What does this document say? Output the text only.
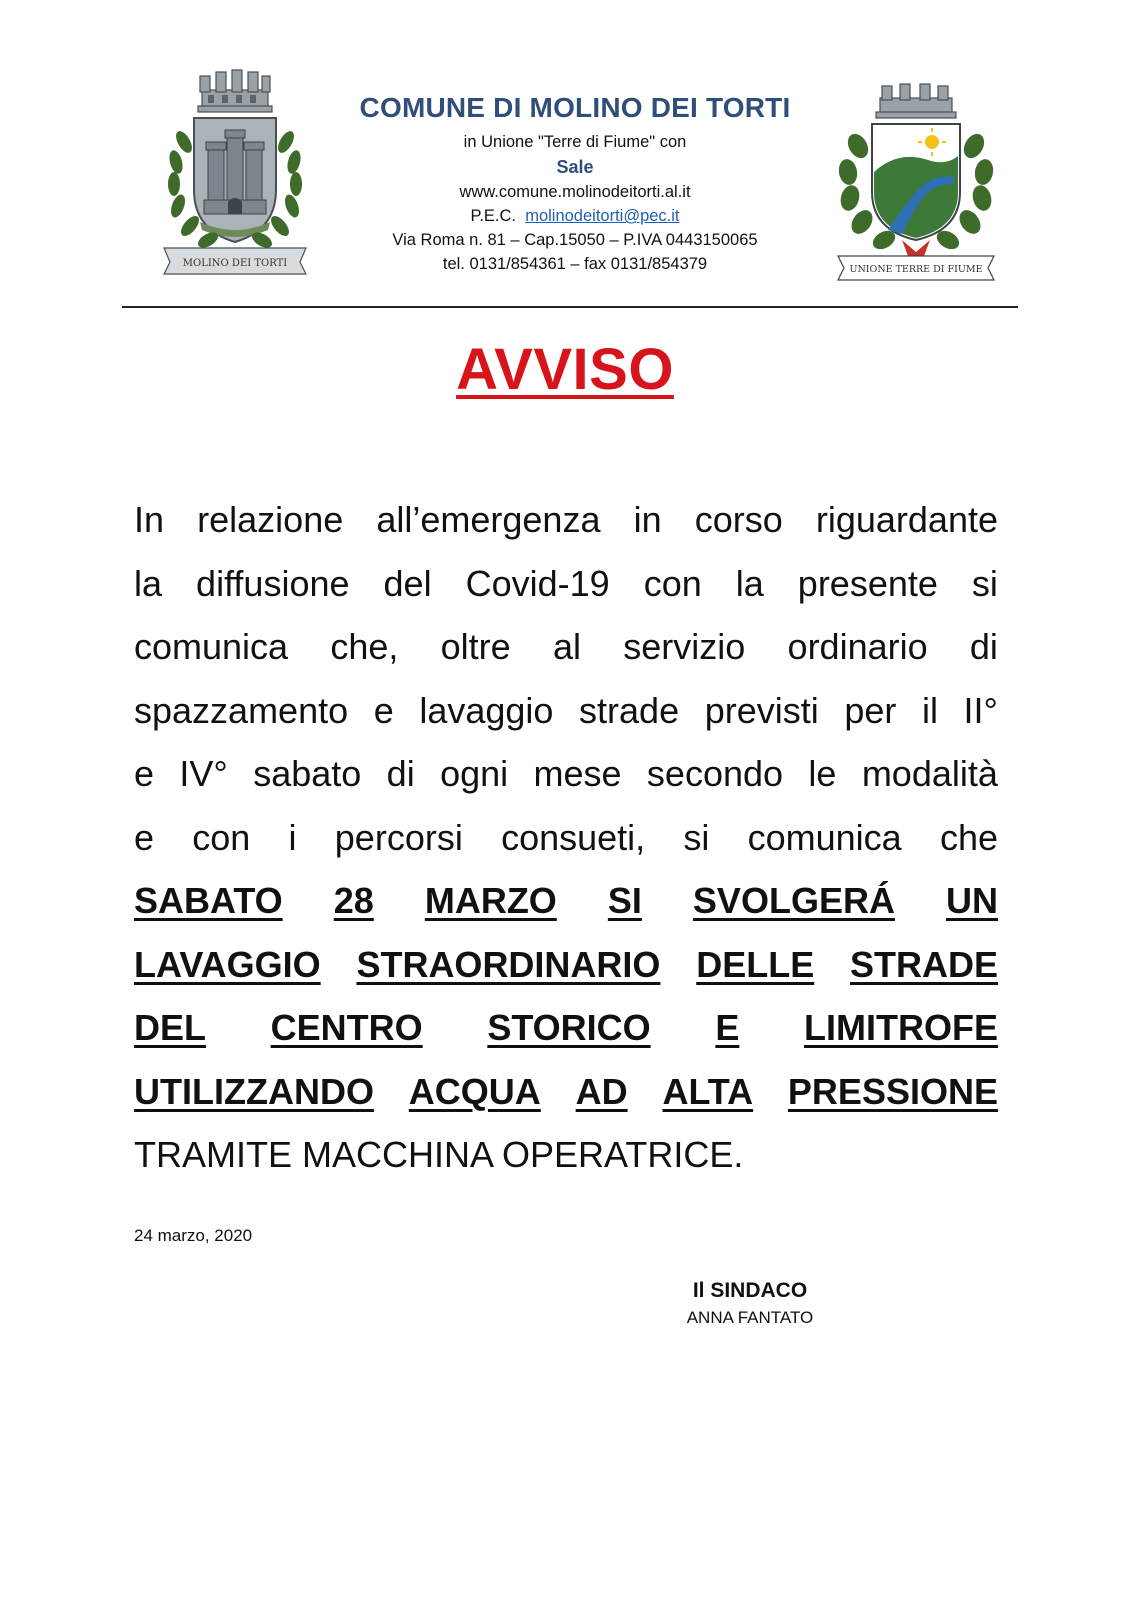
MOLINO DEI TORTI
COMUNE DI MOLINO DEI TORTI
in Unione "Terre di Fiume" con
Sale
www.comune.molinodeitorti.al.it
P.E.C. molinodeitorti@pec.it
Via Roma n. 81 – Cap.15050 – P.IVA 0443150065
tel. 0131/854361 – fax 0131/854379	UNIONE TERRE DI FIUME
AVVISO
In relazione all’emergenza in corso riguardante
la diffusione del Covid-19 con la presente si
comunica che, oltre al servizio ordinario di
spazzamento e lavaggio strade previsti per il II°
e IV° sabato di ogni mese secondo le modalità
e con i percorsi consueti, si comunica che
SABATO 28 MARZO SI SVOLGERÁ UN
LAVAGGIO STRAORDINARIO DELLE STRADE
DEL CENTRO STORICO E LIMITROFE
UTILIZZANDO ACQUA AD ALTA PRESSIONE
TRAMITE MACCHINA OPERATRICE.
24 marzo, 2020
Il SINDACO
ANNA FANTATO
